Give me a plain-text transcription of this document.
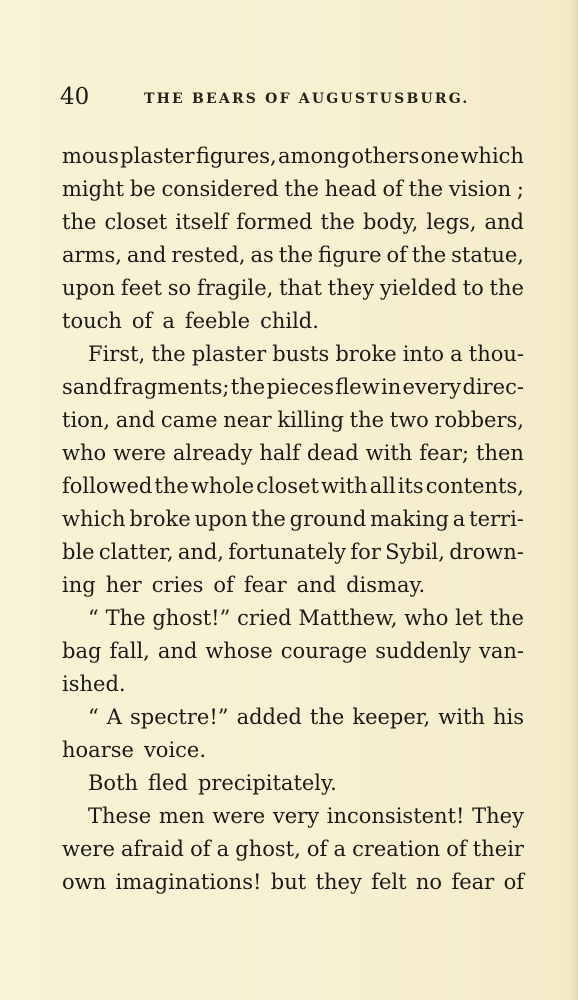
40	THE BEARS OF AUGUSTUSBURG.
mous plaster figures, among others one which
might be considered the head of the vision ;
the closet itself formed the body, legs, and
arms, and rested, as the figure of the statue,
upon feet so fragile, that they yielded to the
touch of a feeble child.
First, the plaster busts broke into a thou-
sand fragments; the pieces flew in every direc-
tion, and came near killing the two robbers,
who were already half dead with fear; then
followed the whole closet with all its contents,
which broke upon the ground making a terri-
ble clatter, and, fortunately for Sybil, drown-
ing her cries of fear and dismay.
“ The ghost!” cried Matthew, who let the
bag fall, and whose courage suddenly van-
ished.
“ A spectre!” added the keeper, with his
hoarse voice.
Both fled precipitately.
These men were very inconsistent! They
were afraid of a ghost, of a creation of their
own imaginations! but they felt no fear of
